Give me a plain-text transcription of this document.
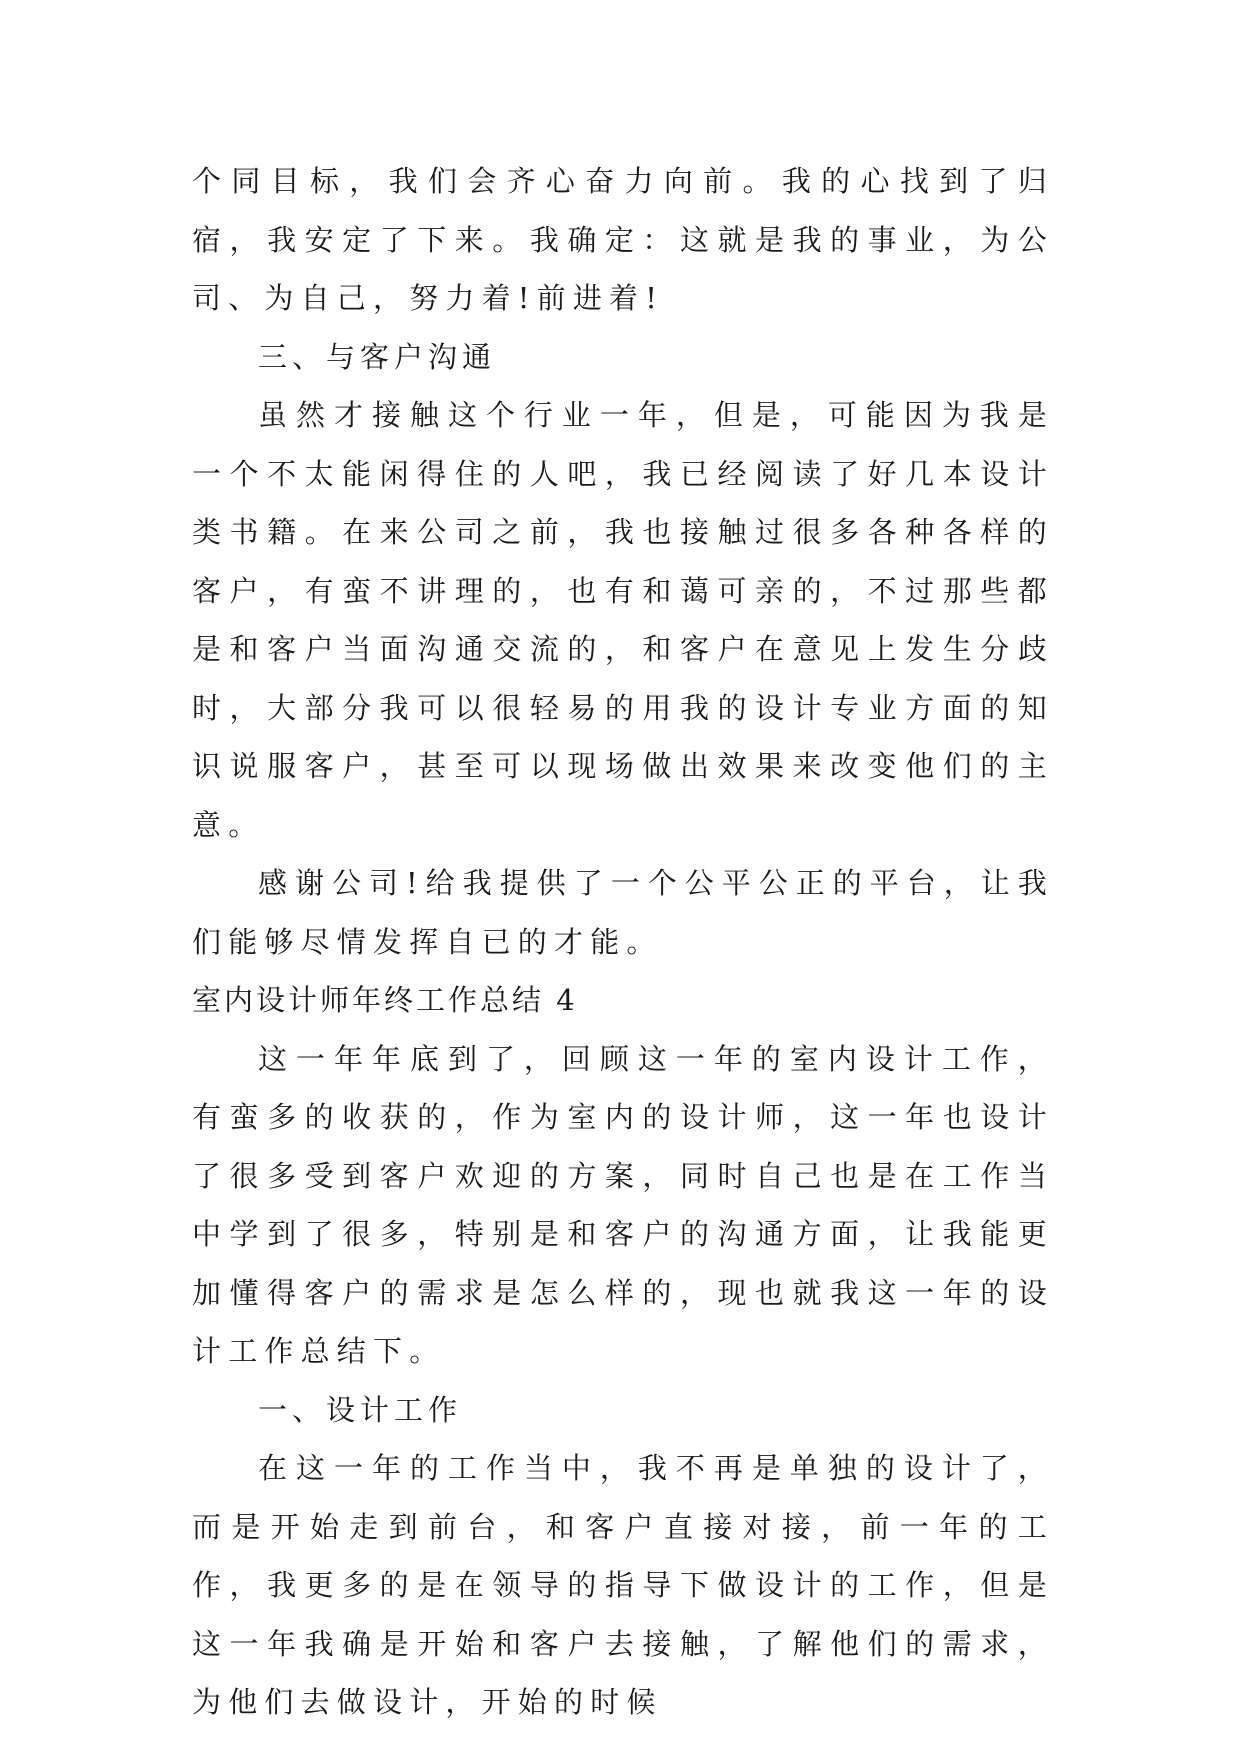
个同目标，我们会齐心奋力向前。我的心找到了归宿，我安定了下来。我确定：这就是我的事业，为公司、为自己，努力着!前进着!

三、与客户沟通

虽然才接触这个行业一年，但是，可能因为我是一个不太能闲得住的人吧，我已经阅读了好几本设计类书籍。在来公司之前，我也接触过很多各种各样的客户，有蛮不讲理的，也有和蔼可亲的，不过那些都是和客户当面沟通交流的，和客户在意见上发生分歧时，大部分我可以很轻易的用我的设计专业方面的知识说服客户，甚至可以现场做出效果来改变他们的主意。

感谢公司!给我提供了一个公平公正的平台，让我们能够尽情发挥自已的才能。

室内设计师年终工作总结 4

这一年年底到了，回顾这一年的室内设计工作，有蛮多的收获的，作为室内的设计师，这一年也设计了很多受到客户欢迎的方案，同时自己也是在工作当中学到了很多，特别是和客户的沟通方面，让我能更加懂得客户的需求是怎么样的，现也就我这一年的设计工作总结下。

一、设计工作

在这一年的工作当中，我不再是单独的设计了，而是开始走到前台，和客户直接对接，前一年的工作，我更多的是在领导的指导下做设计的工作，但是这一年我确是开始和客户去接触，了解他们的需求，为他们去做设计，开始的时候
